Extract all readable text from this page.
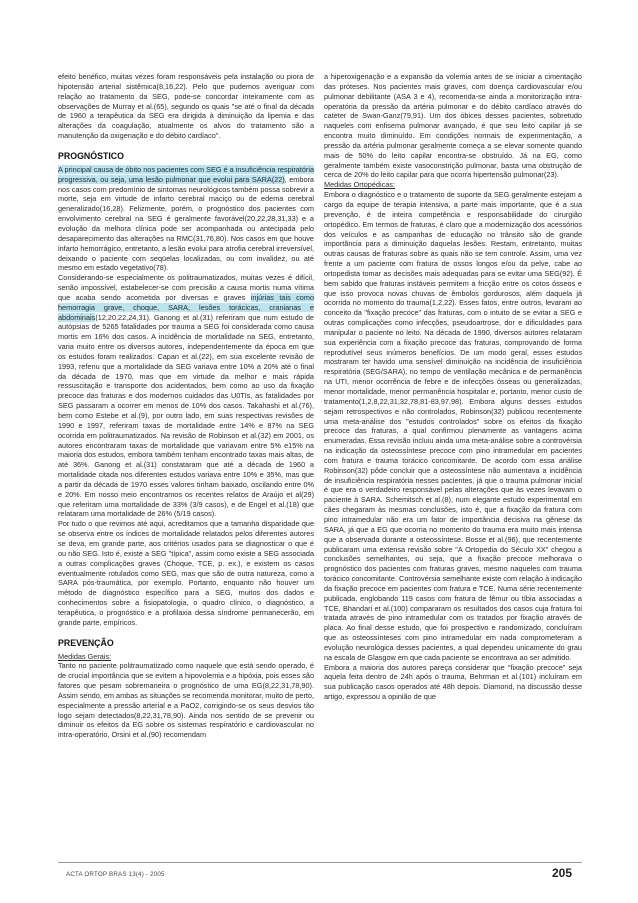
efeito benéfico, muitas vezes foram responsáveis pela instalação ou piora de hipotensão arterial sistêmica(8,16,22). Pelo que pudemos averiguar com relação ao tratamento da SEG, pode-se concordar inteiramente com as observações de Murray et al.(65), segundo os quais "se até o final da década de 1960 a terapêutica da SEG era dirigida à diminuição da lipemia e das alterações da coagulação, atualmente os alvos do tratamento são a manutenção da oxigenação e do débito cardíaco".

PROGNÓSTICO

A principal causa de óbito nos pacientes com SEG é a insuficiência respiratória progressiva, ou seja, uma lesão pulmonar que evolui para SARA(22), embora nos casos com predomínio de sintomas neurológicos também possa sobrevir a morte, seja em virtude de infarto cerebral maciço ou de edema cerebral generalizado(16,28). Felizmente, porém, o prognóstico dos pacientes com envolvimento cerebral na SEG é geralmente favorável(20,22,28,31,33) e a evolução da melhora clínica pode ser acompanhada ou antecipada pelo desaparecimento das alterações na RMC(31,76,80). Nos casos em que houve infarto hemorrágico, entretanto, a lesão evolui para atrofia cerebral irreversível, deixando o paciente com seqüelas localizadas, ou com invalidez, ou até mesmo em estado vegetativo(78).

Considerando-se especialmente os politraumatizados, muitas vezes é difícil, senão impossível, estabelecer-se com precisão a causa mortis numa vítima que acaba sendo acometida por diversas e graves injúrias tais como hemorragia grave, choque, SARA, lesões torácicas, cranianas e abdominais(12,20,22,24,31). Ganong et al.(31) referiram que num estudo de autópsias de 5265 fatalidades por trauma a SEG foi considerada como causa mortis em 16% dos casos. A incidência de mortalidade na SEG, entretanto, varia muito entre os diversos autores, independentemente da época em que os estudos foram realizados. Capan et al.(22), em sua excelente revisão de 1993, referiu que a mortalidade da SEG variava entre 10% a 20% até o final da década de 1970, mas que em virtude da melhor e mais rápida ressuscitação e transporte dos acidentados, bem como ao uso da fixação precoce das fraturas e dos modernos cuidados das U0TIs, as fatalidades por SEG passaram a ocorrer em menos de 10% dos casos. Takahashi et al.(76), bem como Estebe et al.(9), por outro lado, em suas respectivas revisões de 1990 e 1997, referiram taxas de mortalidade entre 14% e 87% na SEG ocorrida em politraumatizados. Na revisão de Robinson et al.(32) em 2001, os autores encontraram taxas de mortalidade que variavam entre 5% e15% na maioria dos estudos, embora também tenham encontrado taxas mais altas, de até 36%. Ganong et al.(31) constataram que até a década de 1960 a mortalidade citada nos diferentes estudos variava entre 10% e 35%, mas que a partir da década de 1970 esses valores tinham baixado, oscilando entre 0% e 20%. Em nosso meio encontramos os recentes relatos de Araújo et al(29) que referiram uma mortalidade de 33% (3/9 casos), e de Engel et al.(18) que relataram uma mortalidade de 26% (5/19 casos).

Por tudo o que revimos até aqui, acreditamos que a tamanha disparidade que se observa entre os índices de mortalidade relatados pelos diferentes autores se deva, em grande parte, aos critérios usados para se diagnosticar o que é ou não SEG. Isto é, existe a SEG "típica", assim como existe a SEG associada a outras complicações graves (Choque, TCE, p. ex.), e existem os casos eventualmente rotulados como SEG, mas que são de outra natureza, como a SARA pós-traumática, por exemplo. Portanto, enquanto não houver um método de diagnóstico específico para a SEG, muitos dos dados e conhecimentos sobre a fisiopatologia, o quadro clínico, o diagnóstico, a terapêutica, o prognóstico e a profilaxia dessa síndrome permanecerão, em grande parte, empíricos.

PREVENÇÃO
Medidas Gerais:

Tanto no paciente politraumatizado como naquele que está sendo operado, é de crucial importância que se evitem a hipovolemia e a hipóxia, pois esses são fatores que pesam sobremaneira o prognóstico de uma EG(8,22,31,78,90). Assim sendo, em ambas as situações se recomenda monitorar, muito de perto, especialmente a pressão arterial e a PaO2, corrigindo-se os seus desvios tão logo sejam detectados(8,22,31,78,90). Ainda nos sentido de se prevenir ou diminuir os efeitos da EG sobre os sistemas respiratório e cardiovascular no intra-operatório, Orsini et al.(90) recomendam

a hiperoxigenação e a expansão da volemia antes de se iniciar a cimentação das próteses. Nos pacientes mais graves, com doença cardiovascular e/ou pulmonar debilitante (ASA 3 e 4), recomenda-se ainda a monitorização intra-operatória da pressão da artéria pulmonar e do débito cardíaco através do cateter de Swan-Ganz(79,91). Um dos óbices desses pacientes, sobretudo naqueles com enfisema pulmonar avançado, é que seu leito capilar já se encontra muito diminuído. Em condições normais de experimentação, a pressão da artéria pulmonar geralmente começa a se elevar somente quando mais de 50% do leito capilar encontra-se obstruído. Já na EG, como geralmente também existe vasoconstrição pulmonar, basta uma obstrução de cerca de 20% do leito capilar para que ocorra hipertensão pulmonar(23).

Medidas Ortopédicas:

Embora o diagnóstico e o tratamento de suporte da SEG geralmente estejam a cargo da equipe de terapia intensiva, a parte mais importante, que é a sua prevenção, é de inteira competência e responsabilidade do cirurgião ortopédico. Em termos de fraturas, é claro que a modernização dos acessórios dos veículos e as campanhas de educação no trânsito são de grande importância para a diminuição daquelas lesões. Restam, entretanto, muitas outras causas de fraturas sobre as quais não se tem controle. Assim, uma vez frente a um paciente com fratura de ossos longos e/ou da pelve, cabe ao ortopedista tomar as decisões mais adequadas para se evitar uma SEG(92). É bem sabido que fraturas instáveis permitem a fricção entre os cotos ósseos e que isso provoca novas chuvas de êmbolos gordurosos, além daquela já ocorrida no momento do trauma(1,2,22). Esses fatos, entre outros, levaram ao conceito da "fixação precoce" das fraturas, com o intuito de se evitar a SEG e outras complicações como infecções, pseudoartrose, dor e dificuldades para manipular o paciente no leito. Na década de 1990, diversos autores relataram sua experiência com a fixação precoce das fraturas, comprovando de forma reprodutível seus inúmeros benefícios. De um modo geral, esses estudos mostraram ter havido uma sensível diminuição na incidência de insuficiência respiratória (SEG/SARA), no tempo de ventilação mecânica e de permanência na UTI, menor ocorrência de febre e de infecções ósseas ou generalizadas, menor mortalidade, menor permanência hospitalar e, portanto, menor custo de tratamento(1,2,8,22,31,32,78,81-83,97,98). Embora alguns desses estudos sejam retrospectivos e não controlados, Robinson(32) publicou recentemente uma meta-análise dos "estudos controlados" sobre os efeitos da fixação precoce das fraturas, a qual confirmou plenamente as vantagens acima enumeradas. Essa revisão incluiu ainda uma meta-análise sobre a controvérsia na indicação da osteossíntese precoce com pino intramedular em pacientes com fratura e trauma torácico concomitante. De acordo com essa análise Robinson(32) pôde concluir que a osteossíntese não aumentava a incidência de insuficiência respiratória nesses pacientes, já que o trauma pulmonar inicial é que era o verdadeiro responsável pelas alterações que às vezes levavam o paciente à SARA. Schemitsch et al.(8), num elegante estudo experimental em cães chegaram às mesmas conclusões, isto é, que a fixação da fratura com pino intramedular não era um fator de importância decisiva na gênese da SARA, já que a EG que ocorria no momento do trauma era muito mais intensa que a observada durante a osteossíntese. Bosse et al.(96), que recentemente publicaram uma extensa revisão sobre "A Ortopedia do Século XX" chegou a conclusões semelhantes, ou seja, que a fixação precoce melhorava o prognóstico dos pacientes com fraturas graves, mesmo naqueles com trauma torácico concomitante. Controvérsia semelhante existe com relação à indicação da fixação precoce em pacientes com fratura e TCE. Numa série recentemente publicada, englobando 119 casos com fratura de fêmur ou tíbia associadas a TCE, Bhandari et al.(100) compararam os resultados dos casos cuja fratura foi tratada através de pino intramedular com os tratados por fixação através de placa. Ao final desse estudo, que foi prospectivo e randomizado, concluíram que as osteossínteses com pino intramedular em nada comprometeram a evolução neurológica desses pacientes, a qual dependeu unicamente do grau na escala de Glasgow em que cada paciente se encontrava ao ser admitido.

Embora a maioria dos autores pareça considerar que "fixação precoce" seja aquela feita dentro de 24h após o trauma, Behrman et al.(101) incluíram em sua publicação casos operados até 48h depois. Diamond, na discussão desse artigo, expressou a opinião de que

ACTA ORTOP BRAS 13(4) - 2005	205
